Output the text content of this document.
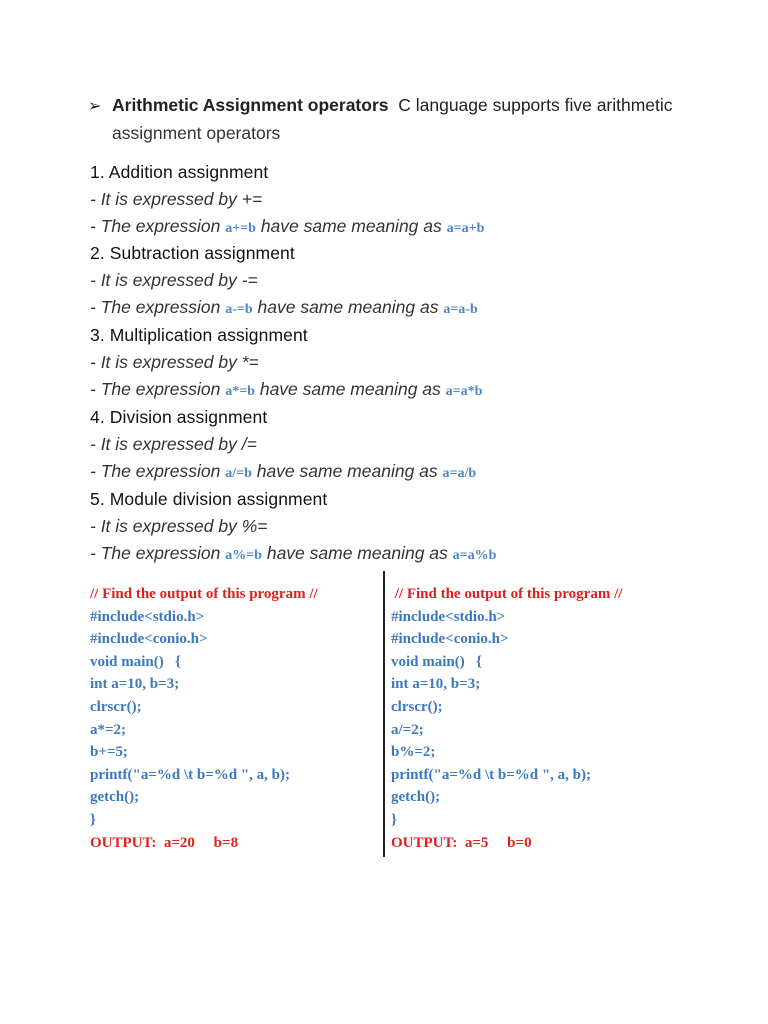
➢ Arithmetic Assignment operators C language supports five arithmetic
assignment operators
1. Addition assignment
- It is expressed by +=
- The expression a+=b have same meaning as a=a+b
2. Subtraction assignment
- It is expressed by -=
- The expression a-=b have same meaning as a=a-b
3. Multiplication assignment
- It is expressed by *=
- The expression a*=b have same meaning as a=a*b
4. Division assignment
- It is expressed by /=
- The expression a/=b have same meaning as a=a/b
5. Module division assignment
- It is expressed by %=
- The expression a%=b have same meaning as a=a%b
// Find the output of this program //
#include<stdio.h>
#include<conio.h>
void main()   {
int a=10, b=3;
clrscr();
a*=2;
b+=5;
printf("a=%d \t b=%d ", a, b);
getch();
}
OUTPUT:  a=20     b=8
// Find the output of this program //
#include<stdio.h>
#include<conio.h>
void main()   {
int a=10, b=3;
clrscr();
a/=2;
b%=2;
printf("a=%d \t b=%d ", a, b);
getch();
}
OUTPUT:  a=5     b=0
